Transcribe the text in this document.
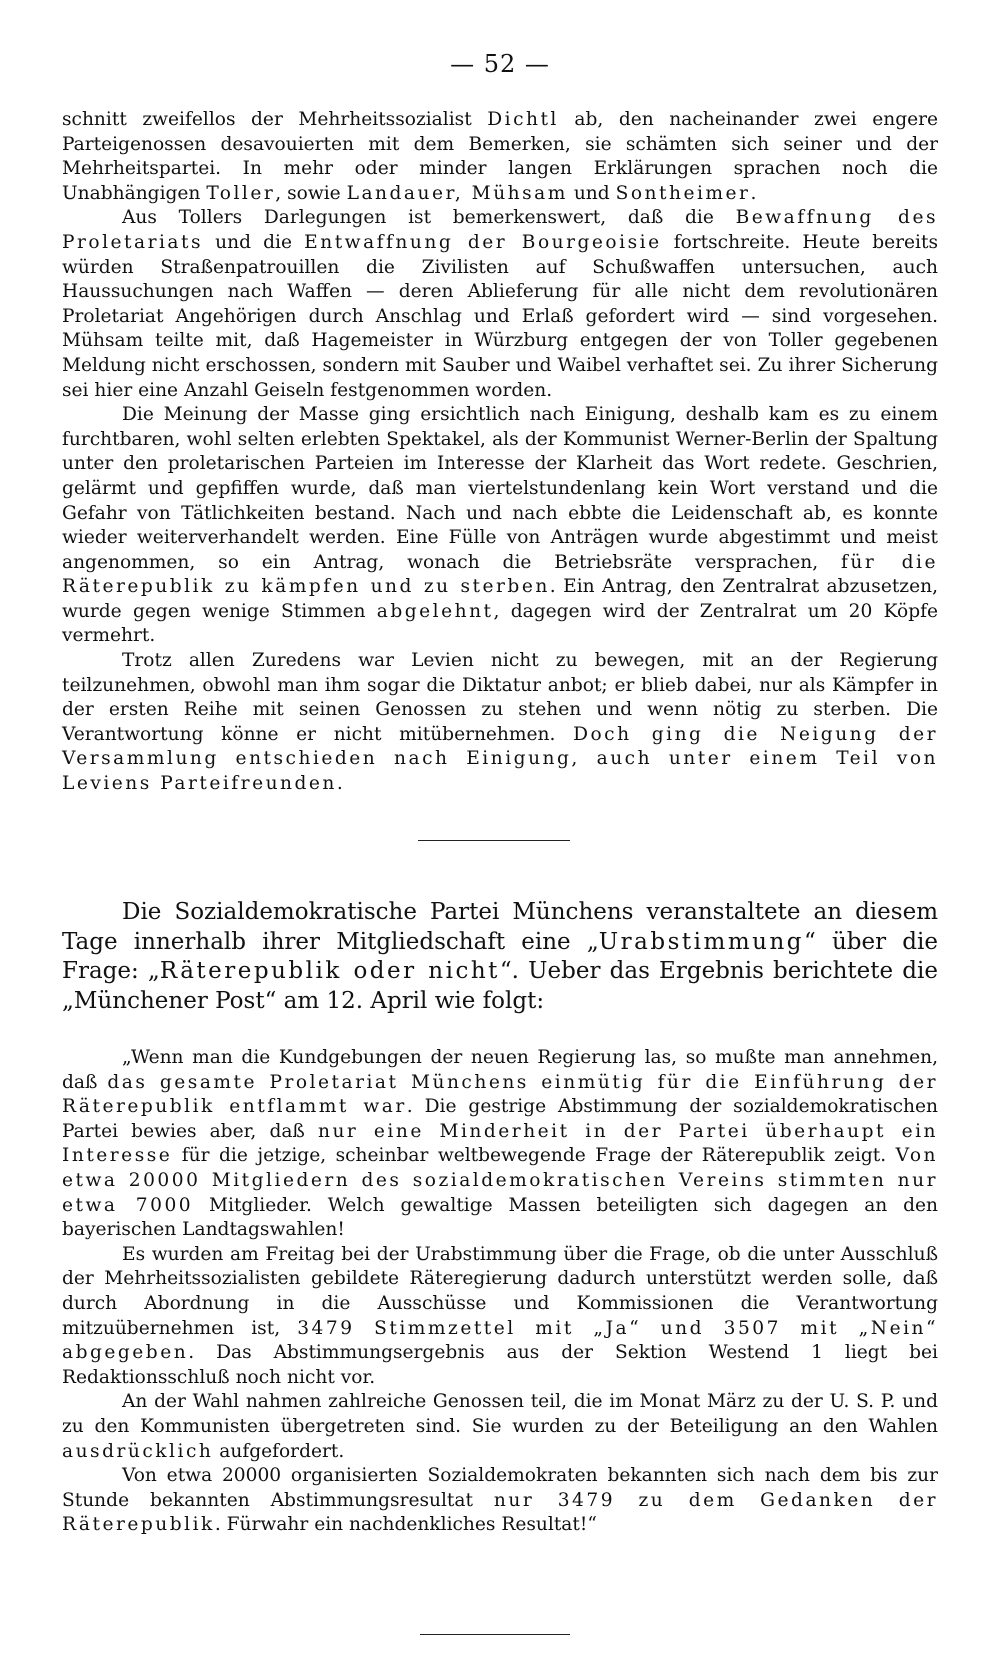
— 52 —

schnitt zweifellos der Mehrheitssozialist Dichtl ab, den nacheinander zwei engere Parteigenossen desavouierten mit dem Bemerken, sie schämten sich seiner und der Mehrheitspartei. In mehr oder minder langen Erklärungen sprachen noch die Unabhängigen Toller, sowie Landauer, Mühsam und Sontheimer.

Aus Tollers Darlegungen ist bemerkenswert, daß die Bewaffnung des Proletariats und die Entwaffnung der Bourgeoisie fortschreite. Heute bereits würden Straßenpatrouillen die Zivilisten auf Schußwaffen untersuchen, auch Haussuchungen nach Waffen — deren Ablieferung für alle nicht dem revolutionären Proletariat Angehörigen durch Anschlag und Erlaß gefordert wird — sind vorgesehen. Mühsam teilte mit, daß Hagemeister in Würzburg entgegen der von Toller gegebenen Meldung nicht erschossen, sondern mit Sauber und Waibel verhaftet sei. Zu ihrer Sicherung sei hier eine Anzahl Geiseln festgenommen worden.

Die Meinung der Masse ging ersichtlich nach Einigung, deshalb kam es zu einem furchtbaren, wohl selten erlebten Spektakel, als der Kommunist Werner-Berlin der Spaltung unter den proletarischen Parteien im Interesse der Klarheit das Wort redete. Geschrien, gelärmt und gepfiffen wurde, daß man viertelstundenlang kein Wort verstand und die Gefahr von Tätlichkeiten bestand. Nach und nach ebbte die Leidenschaft ab, es konnte wieder weiterverhandelt werden. Eine Fülle von Anträgen wurde abgestimmt und meist angenommen, so ein Antrag, wonach die Betriebsräte versprachen, für die Räterepublik zu kämpfen und zu sterben. Ein Antrag, den Zentralrat abzusetzen, wurde gegen wenige Stimmen abgelehnt, dagegen wird der Zentralrat um 20 Köpfe vermehrt.

Trotz allen Zuredens war Levien nicht zu bewegen, mit an der Regierung teilzunehmen, obwohl man ihm sogar die Diktatur anbot; er blieb dabei, nur als Kämpfer in der ersten Reihe mit seinen Genossen zu stehen und wenn nötig zu sterben. Die Verantwortung könne er nicht mitübernehmen. Doch ging die Neigung der Versammlung entschieden nach Einigung, auch unter einem Teil von Leviens Parteifreunden.

Die Sozialdemokratische Partei Münchens veranstaltete an diesem Tage innerhalb ihrer Mitgliedschaft eine „Urabstimmung“ über die Frage: „Räterepublik oder nicht“. Ueber das Ergebnis berichtete die „Münchener Post“ am 12. April wie folgt:

„Wenn man die Kundgebungen der neuen Regierung las, so mußte man annehmen, daß das gesamte Proletariat Münchens einmütig für die Einführung der Räterepublik entflammt war. Die gestrige Abstimmung der sozialdemokratischen Partei bewies aber, daß nur eine Minderheit in der Partei überhaupt ein Interesse für die jetzige, scheinbar weltbewegende Frage der Räterepublik zeigt. Von etwa 20000 Mitgliedern des sozialdemokratischen Vereins stimmten nur etwa 7000 Mitglieder. Welch gewaltige Massen beteiligten sich dagegen an den bayerischen Landtagswahlen!

Es wurden am Freitag bei der Urabstimmung über die Frage, ob die unter Ausschluß der Mehrheitssozialisten gebildete Räteregierung dadurch unterstützt werden solle, daß durch Abordnung in die Ausschüsse und Kommissionen die Verantwortung mitzuübernehmen ist, 3479 Stimmzettel mit „Ja“ und 3507 mit „Nein“ abgegeben. Das Abstimmungsergebnis aus der Sektion Westend 1 liegt bei Redaktionsschluß noch nicht vor.

An der Wahl nahmen zahlreiche Genossen teil, die im Monat März zu der U. S. P. und zu den Kommunisten übergetreten sind. Sie wurden zu der Beteiligung an den Wahlen ausdrücklich aufgefordert.

Von etwa 20000 organisierten Sozialdemokraten bekannten sich nach dem bis zur Stunde bekannten Abstimmungsresultat nur 3479 zu dem Gedanken der Räterepublik. Fürwahr ein nachdenkliches Resultat!“
